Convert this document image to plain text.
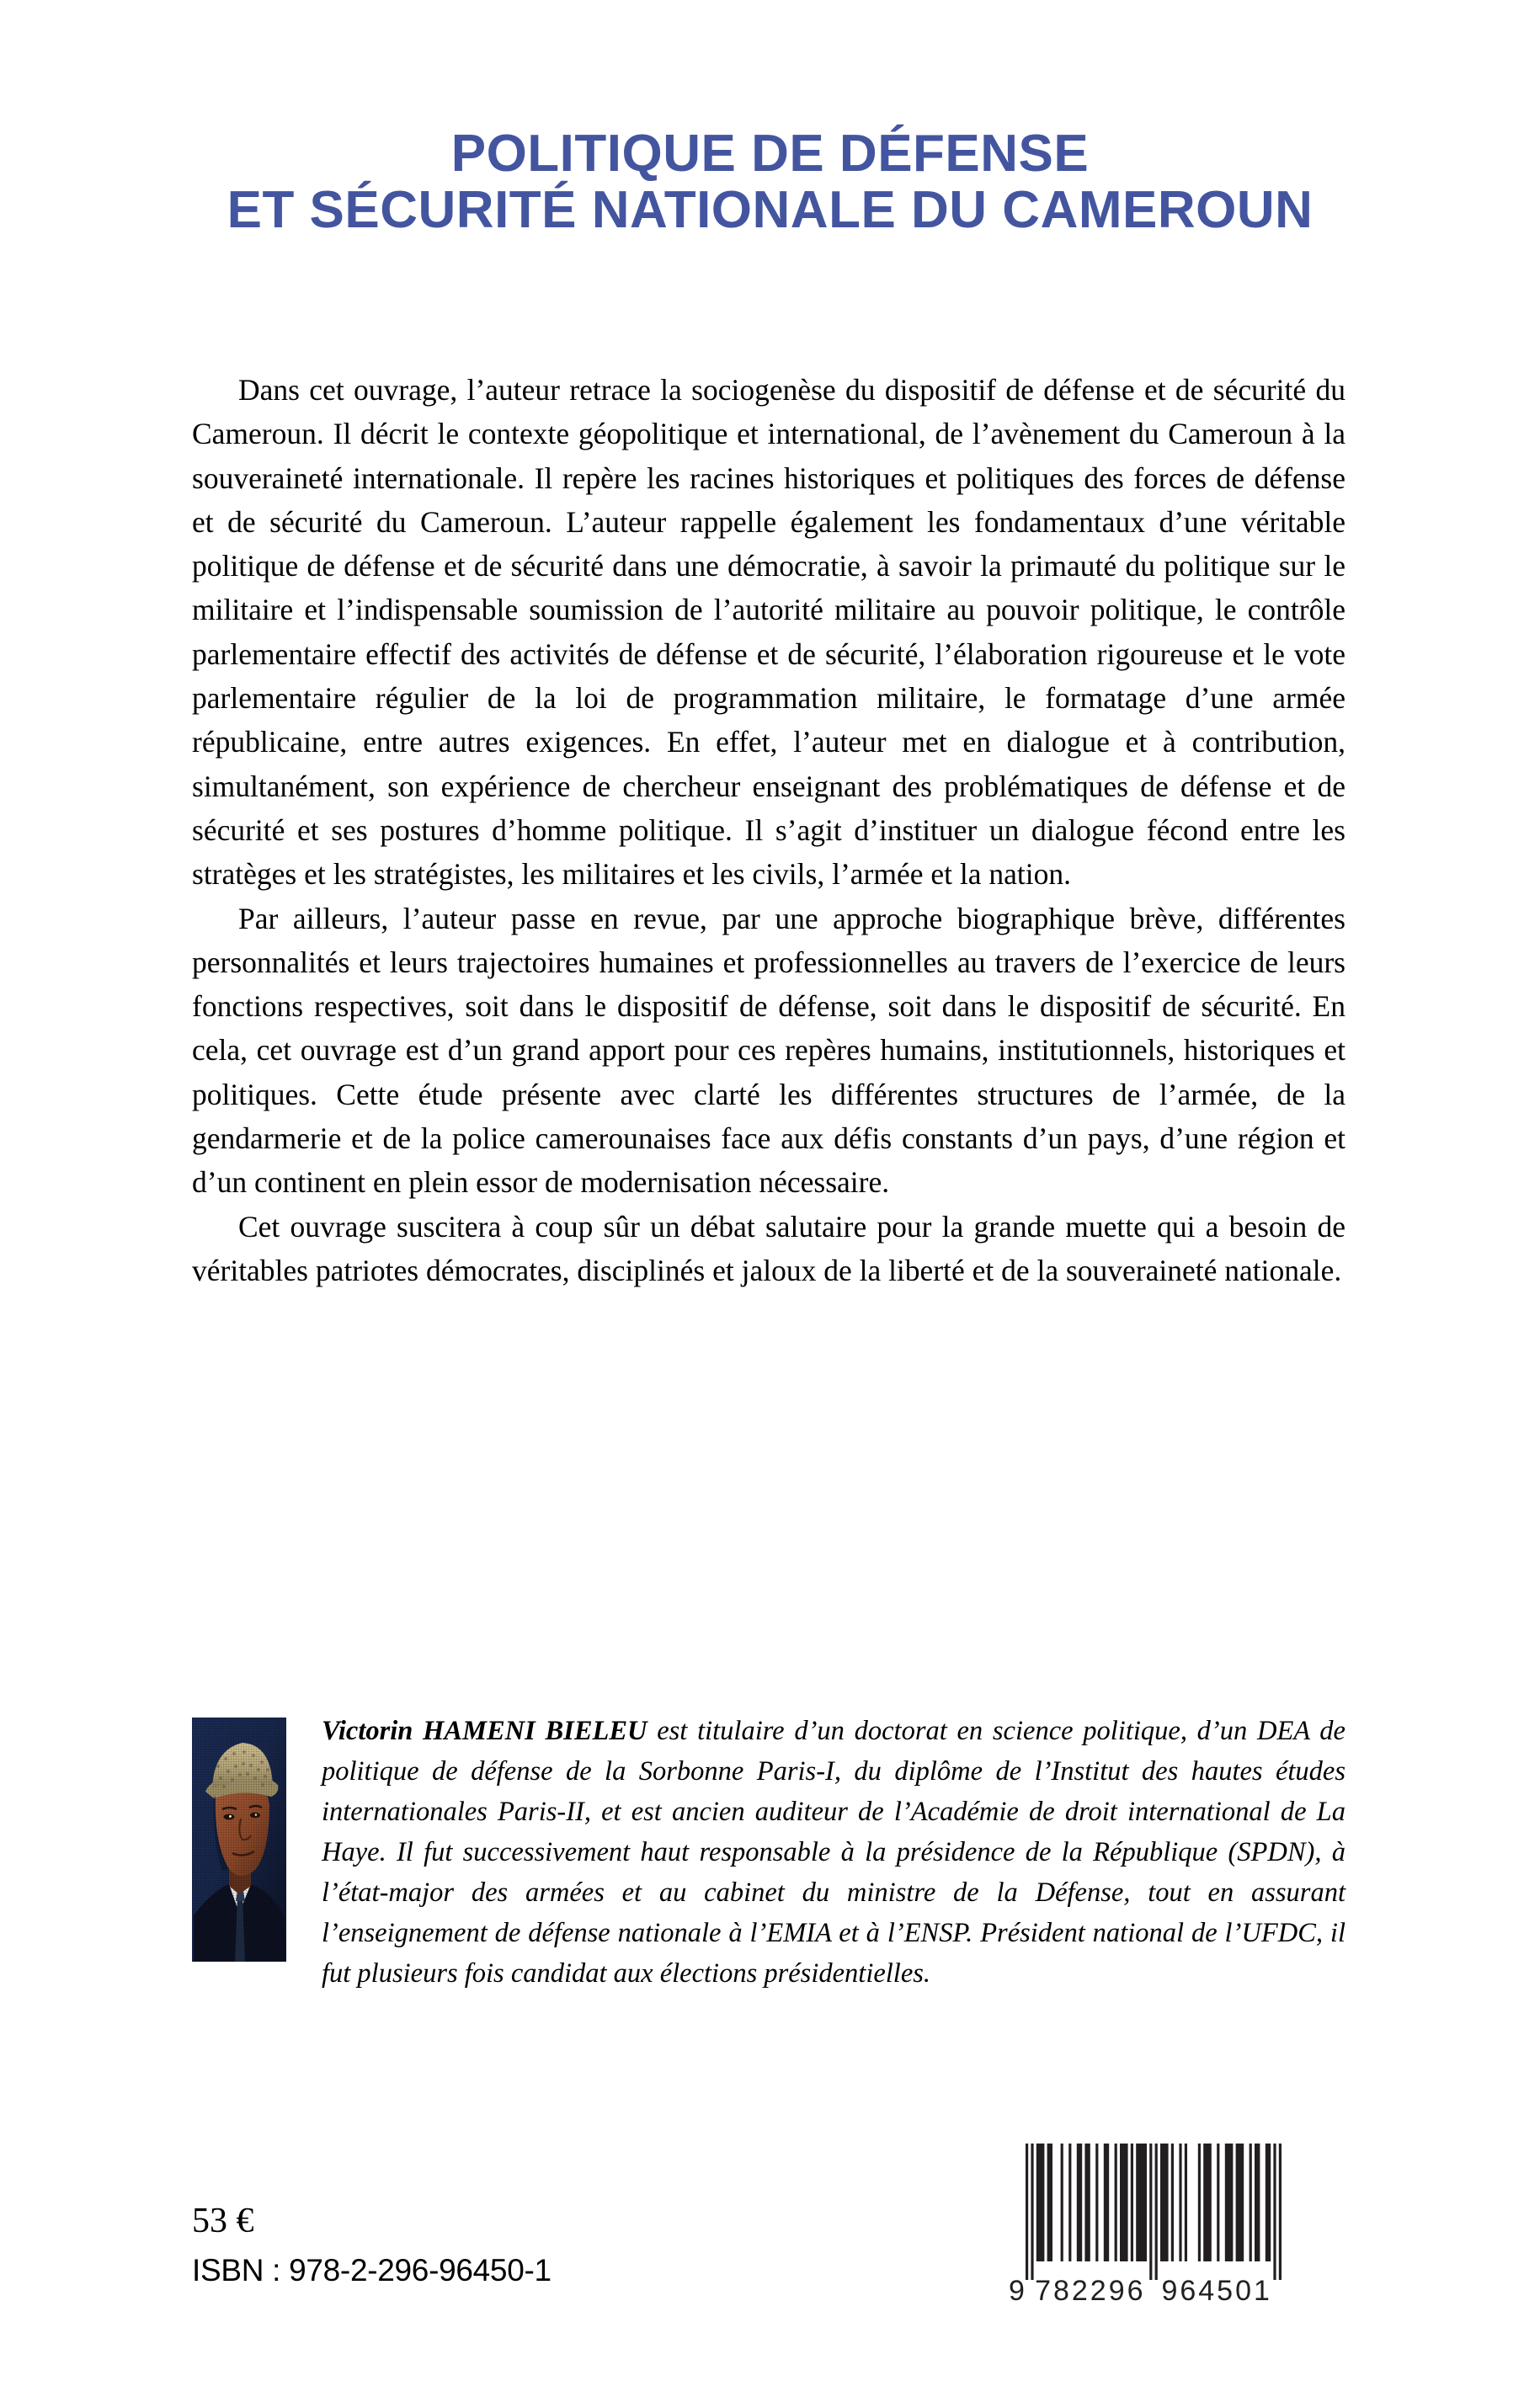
POLITIQUE DE DÉFENSE
ET SÉCURITÉ NATIONALE DU CAMEROUN

Dans cet ouvrage, l’auteur retrace la sociogenèse du dispositif de défense et de sécurité du Cameroun. Il décrit le contexte géopolitique et international, de l’avènement du Cameroun à la souveraineté internationale. Il repère les racines historiques et politiques des forces de défense et de sécurité du Cameroun. L’auteur rappelle également les fondamentaux d’une véritable politique de défense et de sécurité dans une démocratie, à savoir la primauté du politique sur le militaire et l’indispensable soumission de l’autorité militaire au pouvoir politique, le contrôle parlementaire effectif des activités de défense et de sécurité, l’élaboration rigoureuse et le vote parlementaire régulier de la loi de programmation militaire, le formatage d’une armée républicaine, entre autres exigences. En effet, l’auteur met en dialogue et à contribution, simultanément, son expérience de chercheur enseignant des problématiques de défense et de sécurité et ses postures d’homme politique. Il s’agit d’instituer un dialogue fécond entre les stratèges et les stratégistes, les militaires et les civils, l’armée et la nation.

Par ailleurs, l’auteur passe en revue, par une approche biographique brève, différentes personnalités et leurs trajectoires humaines et professionnelles au travers de l’exercice de leurs fonctions respectives, soit dans le dispositif de défense, soit dans le dispositif de sécurité. En cela, cet ouvrage est d’un grand apport pour ces repères humains, institutionnels, historiques et politiques. Cette étude présente avec clarté les différentes structures de l’armée, de la gendarmerie et de la police camerounaises face aux défis constants d’un pays, d’une région et d’un continent en plein essor de modernisation nécessaire.

Cet ouvrage suscitera à coup sûr un débat salutaire pour la grande muette qui a besoin de véritables patriotes démocrates, disciplinés et jaloux de la liberté et de la souveraineté nationale.

Victorin HAMENI BIELEU est titulaire d’un doctorat en science politique, d’un DEA de politique de défense de la Sorbonne Paris-I, du diplôme de l’Institut des hautes études internationales Paris-II, et est ancien auditeur de l’Académie de droit international de La Haye. Il fut successivement haut responsable à la présidence de la République (SPDN), à l’état-major des armées et au cabinet du ministre de la Défense, tout en assurant l’enseignement de défense nationale à l’EMIA et à l’ENSP. Président national de l’UFDC, il fut plusieurs fois candidat aux élections présidentielles.

53 €
ISBN : 978-2-296-96450-1
9 782296 964501
